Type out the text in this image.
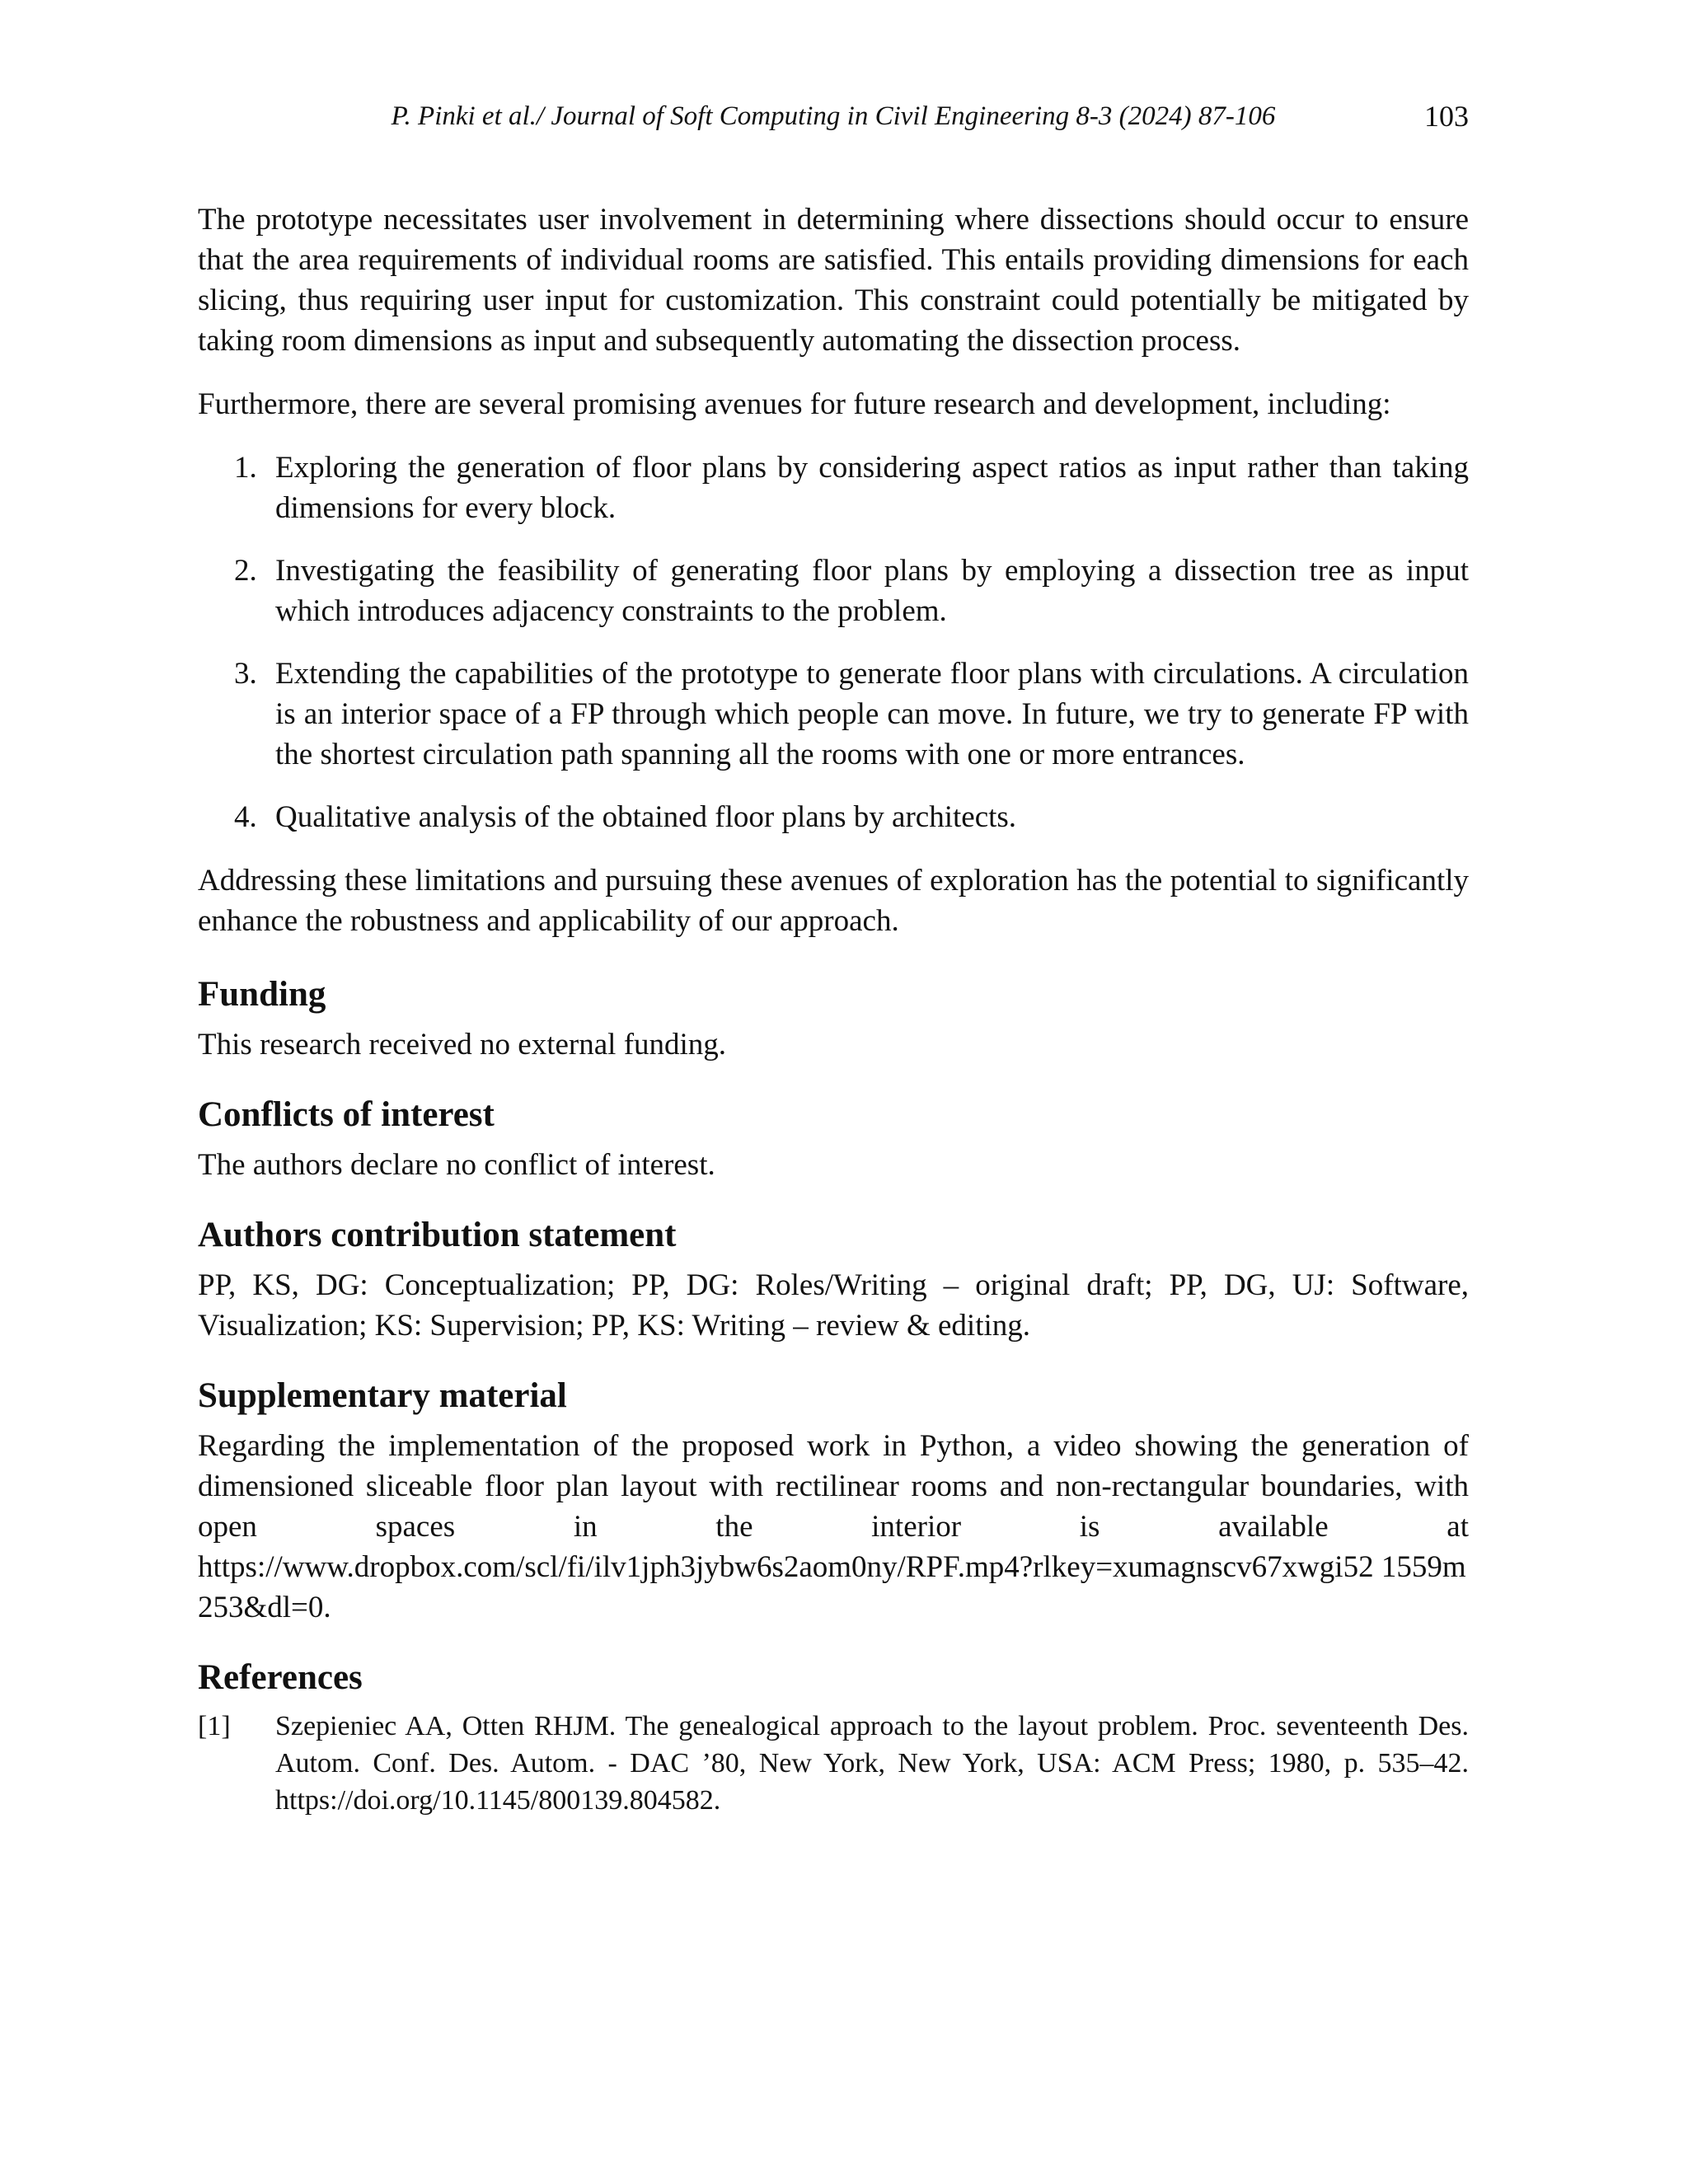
P. Pinki et al./ Journal of Soft Computing in Civil Engineering 8-3 (2024) 87-106	103

The prototype necessitates user involvement in determining where dissections should occur to ensure that the area requirements of individual rooms are satisfied. This entails providing dimensions for each slicing, thus requiring user input for customization. This constraint could potentially be mitigated by taking room dimensions as input and subsequently automating the dissection process.

Furthermore, there are several promising avenues for future research and development, including:

1. Exploring the generation of floor plans by considering aspect ratios as input rather than taking dimensions for every block.
2. Investigating the feasibility of generating floor plans by employing a dissection tree as input which introduces adjacency constraints to the problem.
3. Extending the capabilities of the prototype to generate floor plans with circulations. A circulation is an interior space of a FP through which people can move. In future, we try to generate FP with the shortest circulation path spanning all the rooms with one or more entrances.
4. Qualitative analysis of the obtained floor plans by architects.

Addressing these limitations and pursuing these avenues of exploration has the potential to significantly enhance the robustness and applicability of our approach.

Funding

This research received no external funding.

Conflicts of interest

The authors declare no conflict of interest.

Authors contribution statement

PP, KS, DG: Conceptualization; PP, DG: Roles/Writing – original draft; PP, DG, UJ: Software, Visualization; KS: Supervision; PP, KS: Writing – review & editing.

Supplementary material

Regarding the implementation of the proposed work in Python, a video showing the generation of dimensioned sliceable floor plan layout with rectilinear rooms and non-rectangular boundaries, with open spaces in the interior is available at

https://www.dropbox.com/scl/fi/ilv1jph3jybw6s2aom0ny/RPF.mp4?rlkey=xumagnscv67xwgi52 1559m253&dl=0.

References
[1] Szepieniec AA, Otten RHJM. The genealogical approach to the layout problem. Proc. seventeenth Des. Autom. Conf. Des. Autom. - DAC ’80, New York, New York, USA: ACM Press; 1980, p. 535–42. https://doi.org/10.1145/800139.804582.
